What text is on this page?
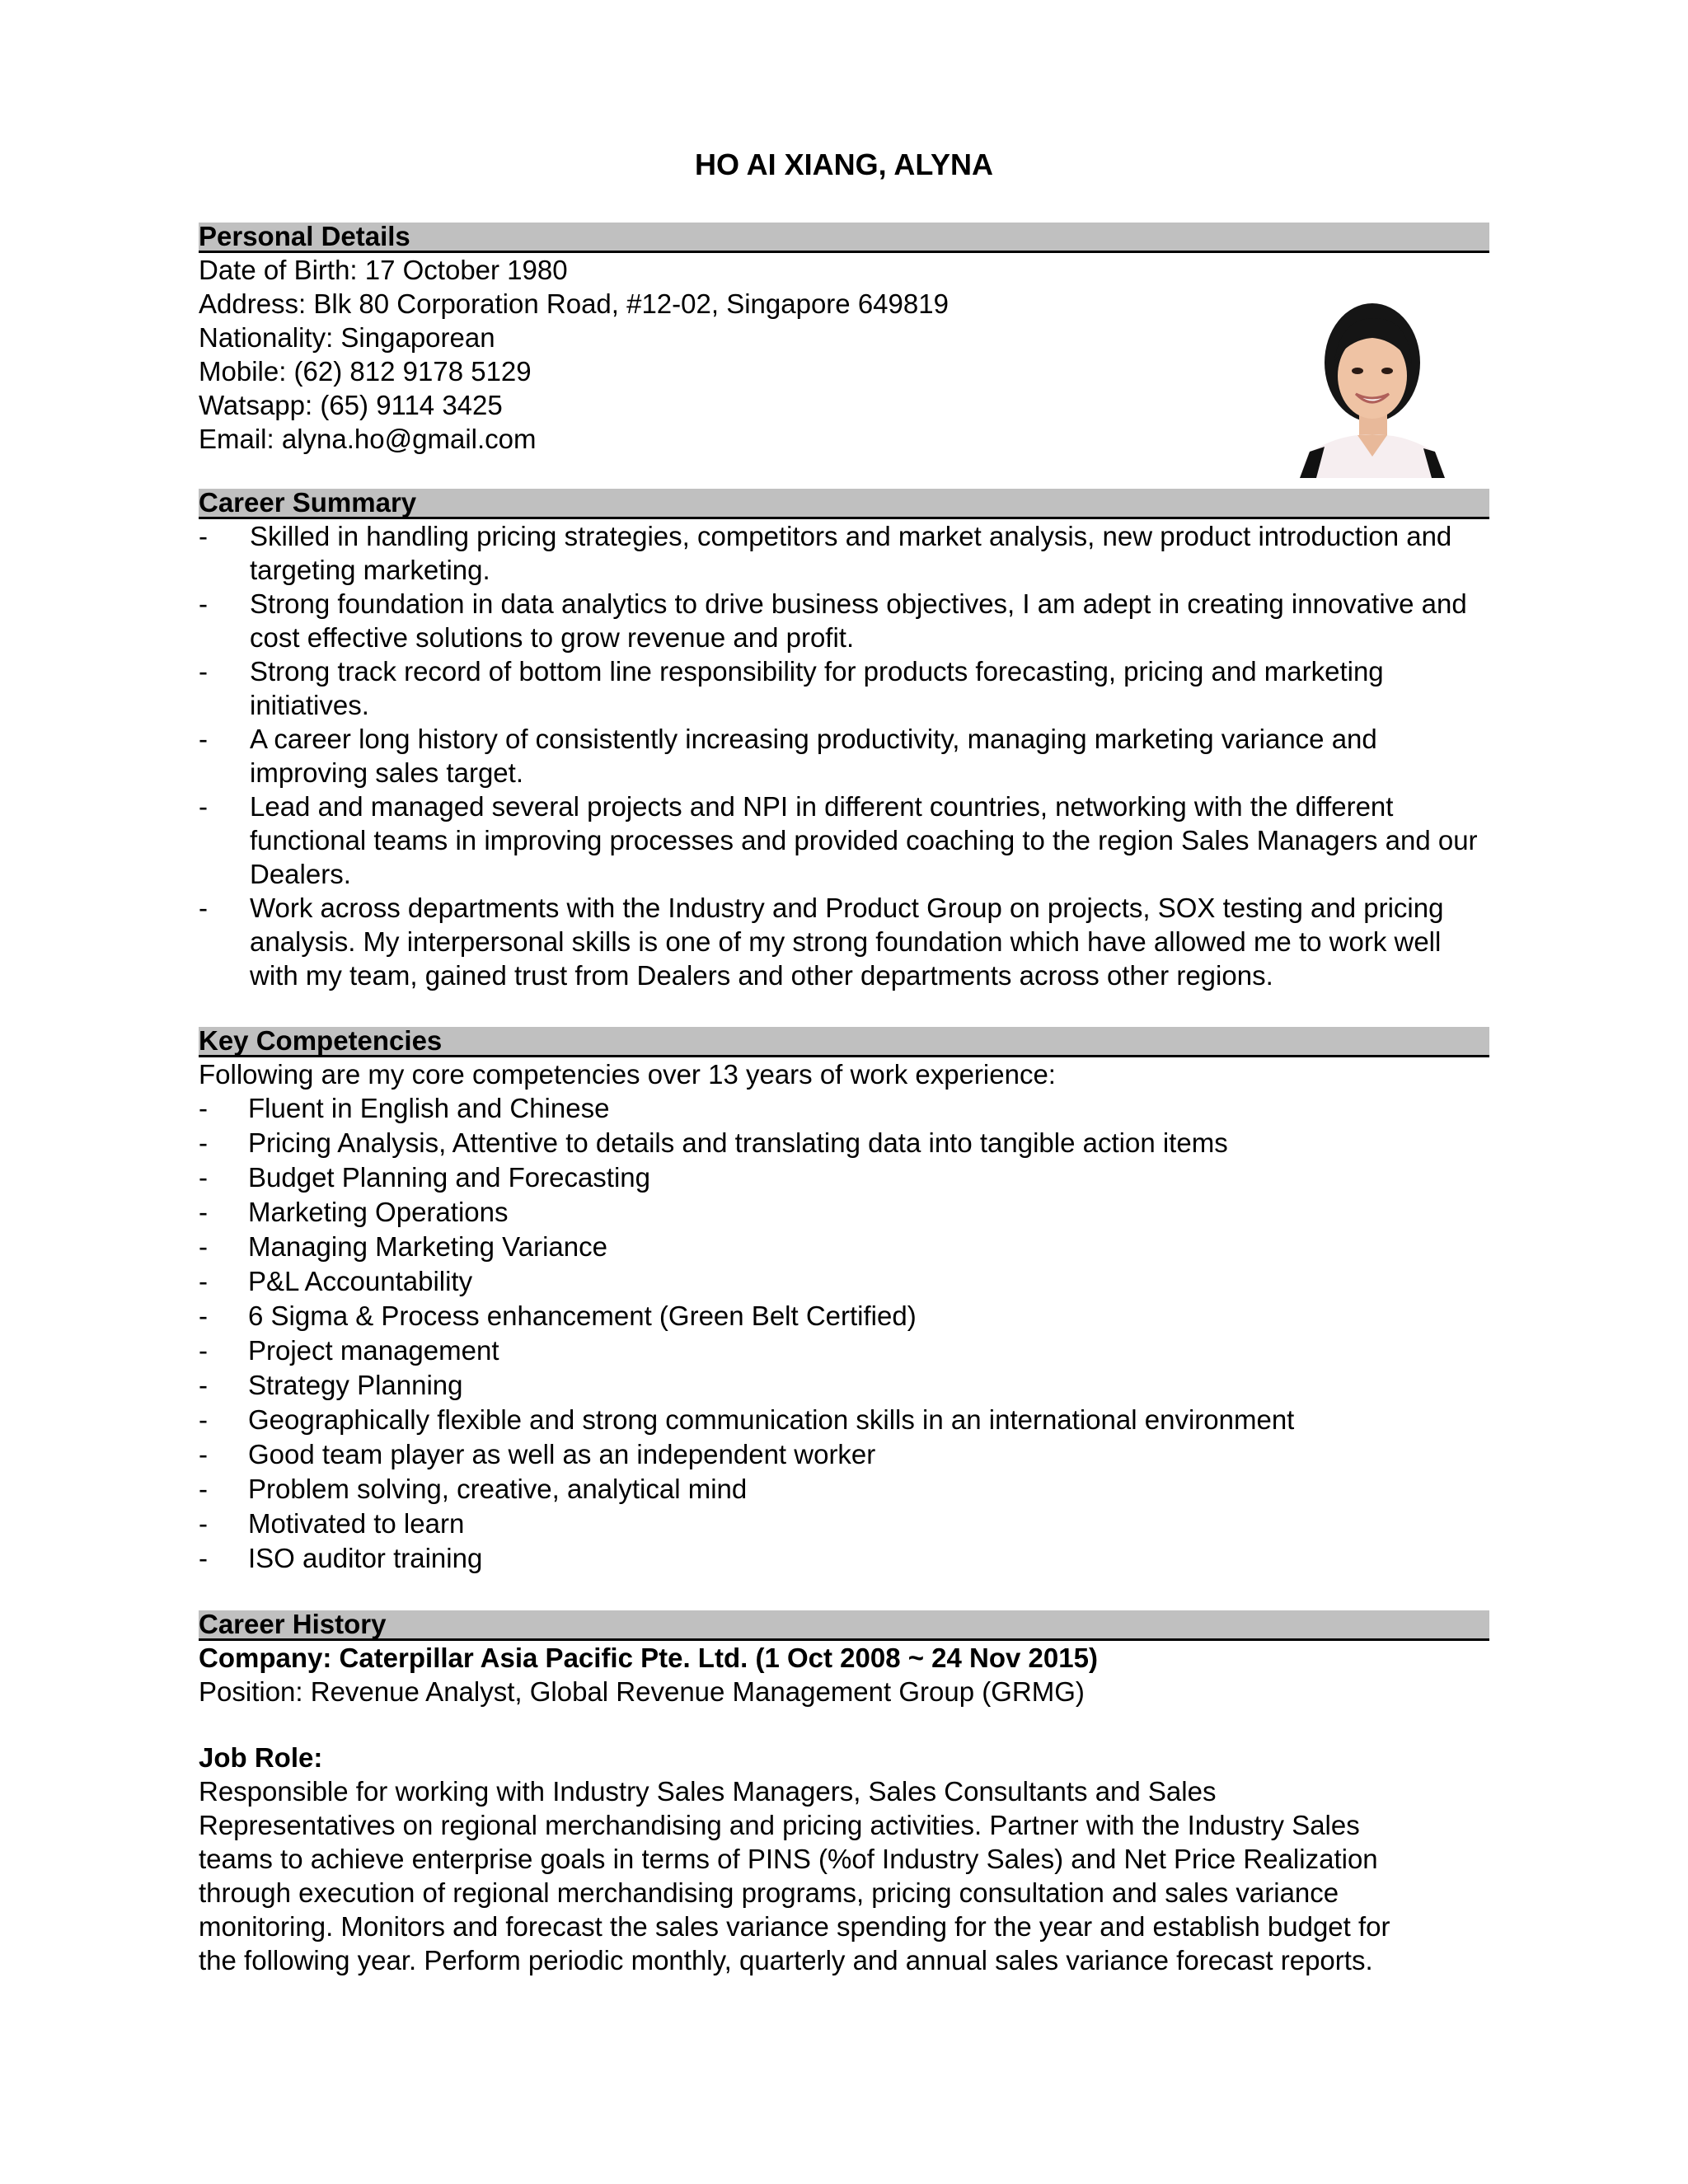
HO AI XIANG, ALYNA
Personal Details
Date of Birth: 17 October 1980
Address: Blk 80 Corporation Road, #12-02, Singapore 649819
Nationality: Singaporean
Mobile: (62) 812 9178 5129
Watsapp: (65) 9114 3425
Email: alyna.ho@gmail.com
Career Summary
-	Skilled in handling pricing strategies, competitors and market analysis, new product introduction and targeting marketing.
-	Strong foundation in data analytics to drive business objectives, I am adept in creating innovative and cost effective solutions to grow revenue and profit.
-	Strong track record of bottom line responsibility for products forecasting, pricing and marketing initiatives.
-	A career long history of consistently increasing productivity, managing marketing variance and improving sales target.
-	Lead and managed several projects and NPI in different countries, networking with the different functional teams in improving processes and provided coaching to the region Sales Managers and our Dealers.
-	Work across departments with the Industry and Product Group on projects, SOX testing and pricing analysis. My interpersonal skills is one of my strong foundation which have allowed me to work well with my team, gained trust from Dealers and other departments across other regions.
Key Competencies
Following are my core competencies over 13 years of work experience:
-	Fluent in English and Chinese
-	Pricing Analysis, Attentive to details and translating data into tangible action items
-	Budget Planning and Forecasting
-	Marketing Operations
-	Managing Marketing Variance
-	P&L Accountability
-	6 Sigma & Process enhancement (Green Belt Certified)
-	Project management
-	Strategy Planning
-	Geographically flexible and strong communication skills in an international environment
-	Good team player as well as an independent worker
-	Problem solving, creative, analytical mind
-	Motivated to learn
-	ISO auditor training
Career History
Company: Caterpillar Asia Pacific Pte. Ltd. (1 Oct 2008 ~ 24 Nov 2015)
Position: Revenue Analyst, Global Revenue Management Group (GRMG)
Job Role:
Responsible for working with Industry Sales Managers, Sales Consultants and Sales
Representatives on regional merchandising and pricing activities. Partner with the Industry Sales
teams to achieve enterprise goals in terms of PINS (%of Industry Sales) and Net Price Realization
through execution of regional merchandising programs, pricing consultation and sales variance
monitoring. Monitors and forecast the sales variance spending for the year and establish budget for
the following year. Perform periodic monthly, quarterly and annual sales variance forecast reports.
